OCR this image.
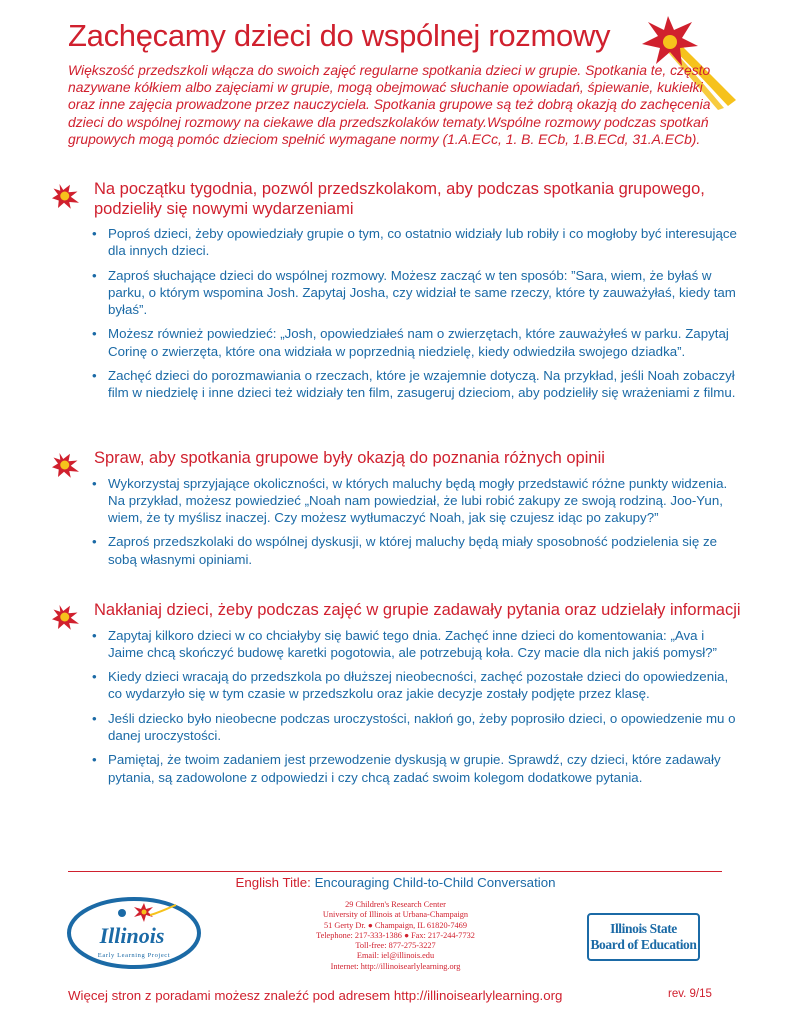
Zachęcamy dzieci do wspólnej rozmowy

Większość przedszkoli włącza do swoich zajęć regularne spotkania dzieci w grupie. Spotkania te, często nazywane kółkiem albo zajęciami w grupie, mogą obejmować słuchanie opowiadań, śpiewanie, kukiełki oraz inne zajęcia prowadzone przez nauczyciela. Spotkania grupowe są też dobrą okazją do zachęcenia dzieci do wspólnej rozmowy na ciekawe dla przedszkolaków tematy.Wspólne rozmowy podczas spotkań grupowych mogą pomóc dzieciom spełnić wymagane normy (1.A.ECc, 1. B. ECb, 1.B.ECd, 31.A.ECb).

Na początku tygodnia, pozwól przedszkolakom, aby podczas spotkania grupowego, podzieliły się nowymi wydarzeniami
• Poproś dzieci, żeby opowiedziały grupie o tym, co ostatnio widziały lub robiły i co mogłoby być interesujące dla innych dzieci.
• Zaproś słuchające dzieci do wspólnej rozmowy. Możesz zacząć w ten sposób: ”Sara, wiem, że byłaś w parku, o którym wspomina Josh. Zapytaj Josha, czy widział te same rzeczy, które ty zauważyłaś, kiedy tam byłaś”.
• Możesz również powiedzieć: „Josh, opowiedziałeś nam o zwierzętach, które zauważyłeś w parku. Zapytaj Corinę o zwierzęta, które ona widziała w poprzednią niedzielę, kiedy odwiedziła swojego dziadka”.
• Zachęć dzieci do porozmawiania o rzeczach, które je wzajemnie dotyczą. Na przykład, jeśli Noah zobaczył film w niedzielę i inne dzieci też widziały ten film, zasugeruj dzieciom, aby podzieliły się wrażeniami z filmu.
Spraw, aby spotkania grupowe były okazją do poznania różnych opinii
• Wykorzystaj sprzyjające okoliczności, w których maluchy będą mogły przedstawić różne punkty widzenia. Na przykład, możesz powiedzieć „Noah nam powiedział, że lubi robić zakupy ze swoją rodziną. Joo-Yun, wiem, że ty myślisz inaczej. Czy możesz wytłumaczyć Noah, jak się czujesz idąc po zakupy?”
• Zaproś przedszkolaki do wspólnej dyskusji, w której maluchy będą miały sposobność podzielenia się ze sobą własnymi opiniami.
Nakłaniaj dzieci, żeby podczas zajęć w grupie zadawały pytania oraz udzielały informacji
• Zapytaj kilkoro dzieci w co chciałyby się bawić tego dnia. Zachęć inne dzieci do komentowania: „Ava i Jaime chcą skończyć budowę karetki pogotowia, ale potrzebują koła. Czy macie dla nich jakiś pomysł?”
• Kiedy dzieci wracają do przedszkola po dłuższej nieobecności, zachęć pozostałe dzieci do opowiedzenia, co wydarzyło się w tym czasie w przedszkolu oraz jakie decyzje zostały podjęte przez klasę.
• Jeśli dziecko było nieobecne podczas uroczystości, nakłoń go, żeby poprosiło dzieci, o opowiedzenie mu o danej uroczystości.
• Pamiętaj, że twoim zadaniem jest przewodzenie dyskusją w grupie. Sprawdź, czy dzieci, które zadawały pytania, są zadowolone z odpowiedzi i czy chcą zadać swoim kolegom dodatkowe pytania.
English Title: Encouraging Child-to-Child Conversation
Illinois
Early Learning Project
29 Children's Research Center
University of Illinois at Urbana-Champaign
51 Gerty Dr. ● Champaign, IL 61820-7469
Telephone: 217-333-1386 ● Fax: 217-244-7732
Toll-free: 877-275-3227
Email: iel@illinois.edu
Internet: http://illinoisearlylearning.org
Illinois State
Board of Education
Więcej stron z poradami możesz znaleźć pod adresem http://illinoisearlylearning.org	rev. 9/15
